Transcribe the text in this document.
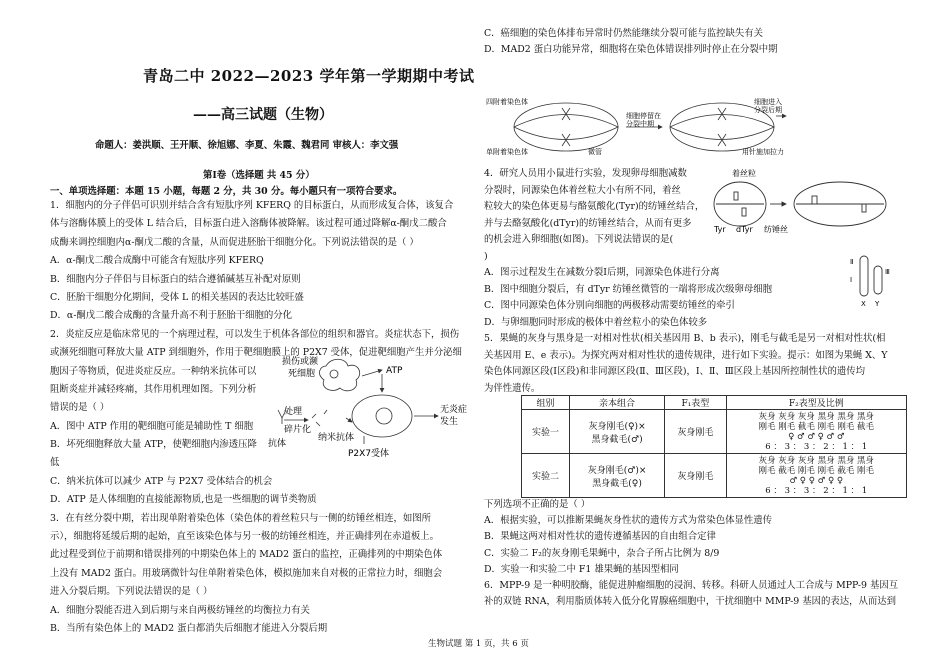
青岛二中 2022—2023 学年第一学期期中考试
——高三试题（生物）
命题人：姜洪顺、王开顺、徐旭娜、李夏、朱霞、魏君同 审核人：李文强
第Ⅰ卷（选择题 共 45 分）
一、单项选择题：本题 15 小题，每题 2 分，共 30 分。每小题只有一项符合要求。
1．细胞内的分子伴侣可识别并结合含有短肽序列 KFERQ 的目标蛋白，从而形成复合体，该复合
体与溶酶体膜上的受体 L 结合后，目标蛋白进入溶酶体被降解。该过程可通过降解α-酮戊二酸合
成酶来调控细胞内α-酮戊二酸的含量，从而促进胚胎干细胞分化。下列说法错误的是（ ）
A．α-酮戊二酸合成酶中可能含有短肽序列 KFERQ
B．细胞内分子伴侣与目标蛋白的结合遵循碱基互补配对原则
C．胚胎干细胞分化期间，受体 L 的相关基因的表达比较旺盛
D．α-酮戊二酸合成酶的含量升高不利于胚胎干细胞的分化
2．炎症反应是临床常见的一个病理过程，可以发生于机体各部位的组织和器官。炎症状态下，损伤
或濒死细胞可释放大量 ATP 到细胞外，作用于靶细胞膜上的 P2X7 受体，促进靶细胞产生并分泌细
胞因子等物质，促进炎症反应。一种纳米抗体可以
阻断炎症并减轻疼痛，其作用机理如图。下列分析
错误的是（ ）
A．图中 ATP 作用的靶细胞可能是辅助性 T 细胞
B．坏死细胞释放大量 ATP，使靶细胞内渗透压降
低
C．纳米抗体可以减少 ATP 与 P2X7 受体结合的机会
D．ATP 是人体细胞的直接能源物质,也是一些细胞的调节类物质
3．在有丝分裂中期，若出现单附着染色体（染色体的着丝粒只与一侧的纺锤丝相连，如图所
示），细胞将延缓后期的起始，直至该染色体与另一极的纺锤丝相连，并正确排列在赤道板上。
此过程受到位于前期和错误排列的中期染色体上的 MAD2 蛋白的监控，正确排列的中期染色体
上没有 MAD2 蛋白。用玻璃微针勾住单附着染色体，模拟施加来自对极的正常拉力时，细胞会
进入分裂后期。下列说法错误的是（ ）
A．细胞分裂能否进入到后期与来自两极纺锤丝的均衡拉力有关
B．当所有染色体上的 MAD2 蛋白都消失后细胞才能进入分裂后期
损伤或濒
死细胞	ATP
处理
碎片化
抗体
纳米抗体
P2X7受体
无炎症
发生
C．癌细胞的染色体排布异常时仍然能继续分裂可能与监控缺失有关
D．MAD2 蛋白功能异常，细胞将在染色体错误排列时停止在分裂中期
四附着染色体
单附着染色体
细胞停留在
分裂中期
微管
细胞进入
分裂后期
用针施加拉力
4．研究人员用小鼠进行实验，发现卵母细胞减数
分裂时，同源染色体着丝粒大小有所不同，着丝
粒较大的染色体更易与酪氨酸化(Tyr)的纺锤丝结合，
并与去酪氨酸化(dTyr)的纺锤丝结合，从而有更多
的机会进入卵细胞(如图)。下列说法错误的是(
)
A．图示过程发生在减数分裂Ⅰ后期，同源染色体进行分离
B．图中细胞分裂后，有 dTyr 纺锤丝微管的一端将形成次级卵母细胞
C．图中同源染色体分别向细胞的两极移动需要纺锤丝的牵引
D．与卵细胞同时形成的极体中着丝粒小的染色体较多
5．果蝇的灰身与黑身是一对相对性状(相关基因用 B、b 表示)，刚毛与截毛是另一对相对性状(相
关基因用 E、e 表示)。为探究两对相对性状的遗传规律，进行如下实验。提示：如图为果蝇 X、Y
染色体同源区段(Ⅰ区段)和非同源区段(Ⅱ、Ⅲ区段)，Ⅰ、Ⅱ、Ⅲ区段上基因所控制性状的遗传均
为伴性遗传。
着丝粒
Tyr dTyr 纺锤丝
Ⅱ
Ⅰ
Ⅲ
X Y
组别	亲本组合	F₁表型	F₂表型及比例
实验一	灰身刚毛(♀)×
黑身截毛(♂)	灰身刚毛	灰身 灰身 灰身 黑身 黑身 黑身
刚毛 刚毛 截毛 刚毛 刚毛 截毛
♀ ♂ ♂ ♀ ♂ ♂
6 ： 3 ： 3 ： 2 ： 1 ： 1
实验二	灰身刚毛(♂)×
黑身截毛(♀)	灰身刚毛	灰身 灰身 灰身 黑身 黑身 黑身
刚毛 截毛 刚毛 刚毛 截毛 刚毛
♂ ♀ ♀ ♂ ♀ ♀
6 ： 3 ： 3 ： 2 ： 1 ： 1
下列选项不正确的是（ ）
A．根据实验，可以推断果蝇灰身性状的遗传方式为常染色体显性遗传
B．果蝇这两对相对性状的遗传遵循基因的自由组合定律
C．实验二 F₂的灰身刚毛果蝇中，杂合子所占比例为 8/9
D．实验一和实验二中 F1 雄果蝇的基因型相同
6．MPP-9 是一种明胶酶，能促进肿瘤细胞的浸润、转移。科研人员通过人工合成与 MPP-9 基因互
补的双链 RNA，利用脂质体转入低分化胃腺癌细胞中，干扰细胞中 MMP-9 基因的表达，从而达到
生物试题 第 1 页，共 6 页
